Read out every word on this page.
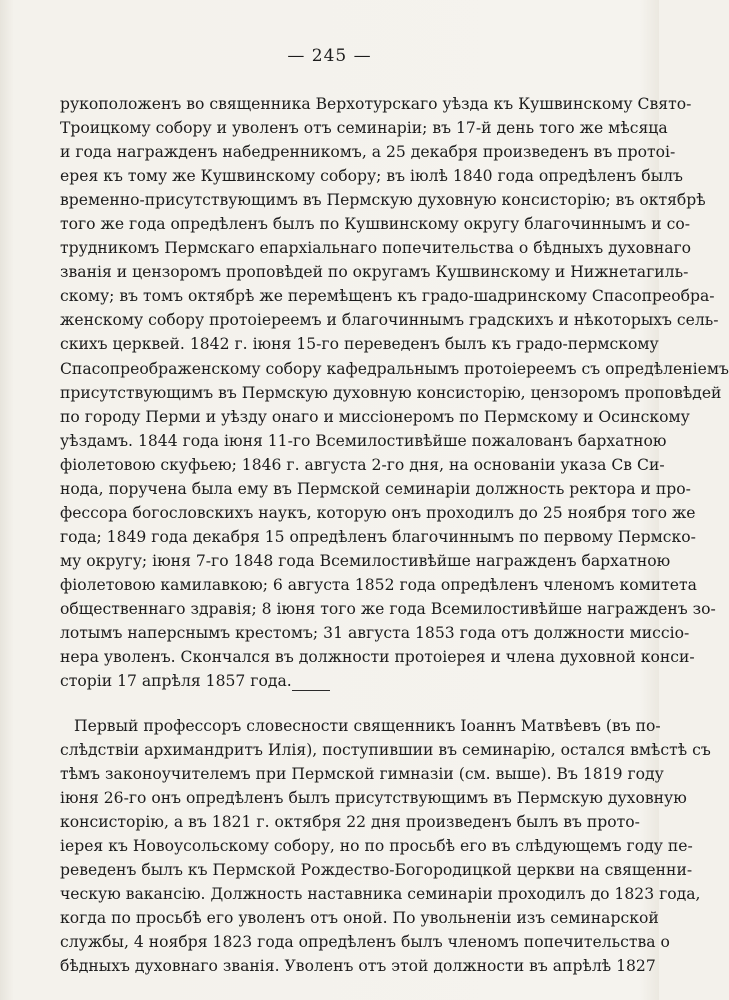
— 245 —
рукоположенъ во священника Верхотурскаго уѣзда къ Кушвинскому Свято-
Троицкому собору и уволенъ отъ семинаріи; въ 17-й день того же мѣсяца
и года награжденъ набедренникомъ, а 25 декабря произведенъ въ протоі-
ерея къ тому же Кушвинскому собору; въ іюлѣ 1840 года опредѣленъ былъ
временно-присутствующимъ въ Пермскую духовную консисторію; въ октябрѣ
того же года опредѣленъ былъ по Кушвинскому округу благочиннымъ и со-
трудникомъ Пермскаго епархіальнаго попечительства о бѣдныхъ духовнаго
званія и цензоромъ проповѣдей по округамъ Кушвинскому и Нижнетагиль-
скому; въ томъ октябрѣ же перемѣщенъ къ градо-шадринскому Спасопреобра-
женскому собору протоіереемъ и благочиннымъ градскихъ и нѣкоторыхъ сель-
скихъ церквей. 1842 г. іюня 15-го переведенъ былъ къ градо-пермскому
Спасопреображенскому собору кафедральнымъ протоіереемъ съ опредѣленіемъ
присутствующимъ въ Пермскую духовную консисторію, цензоромъ проповѣдей
по городу Перми и уѣзду онаго и миссіонеромъ по Пермскому и Осинскому
уѣздамъ. 1844 года іюня 11-го Всемилостивѣйше пожалованъ бархатною
фіолетовою скуфьею; 1846 г. августа 2-го дня, на основаніи указа Св Си-
нода, поручена была ему въ Пермской семинаріи должность ректора и про-
фессора богословскихъ наукъ, которую онъ проходилъ до 25 ноября того же
года; 1849 года декабря 15 опредѣленъ благочиннымъ по первому Пермско-
му округу; іюня 7-го 1848 года Всемилостивѣйше награжденъ бархатною
фіолетовою камилавкою; 6 августа 1852 года опредѣленъ членомъ комитета
общественнаго здравія; 8 іюня того же года Всемилостивѣйше награжденъ зо-
лотымъ наперснымъ крестомъ; 31 августа 1853 года отъ должности миссіо-
нера уволенъ. Скончался въ должности протоіерея и члена духовной конси-
сторіи 17 апрѣля 1857 года.
Первый профессоръ словесности священникъ Іоаннъ Матвѣевъ (въ по-
слѣдствіи архимандритъ Илія), поступившии въ семинарію, остался вмѣстѣ съ
тѣмъ законоучителемъ при Пермской гимназіи (см. выше). Въ 1819 году
іюня 26-го онъ опредѣленъ былъ присутствующимъ въ Пермскую духовную
консисторію, а въ 1821 г. октября 22 дня произведенъ былъ въ прото-
іерея къ Новоусольскому собору, но по просьбѣ его въ слѣдующемъ году пе-
реведенъ былъ къ Пермской Рождество-Богородицкой церкви на священни-
ческую вакансію. Должность наставника семинаріи проходилъ до 1823 года,
когда по просьбѣ его уволенъ отъ оной. По увольненіи изъ семинарской
службы, 4 ноября 1823 года опредѣленъ былъ членомъ попечительства о
бѣдныхъ духовнаго званія. Уволенъ отъ этой должности въ апрѣлѣ 1827
